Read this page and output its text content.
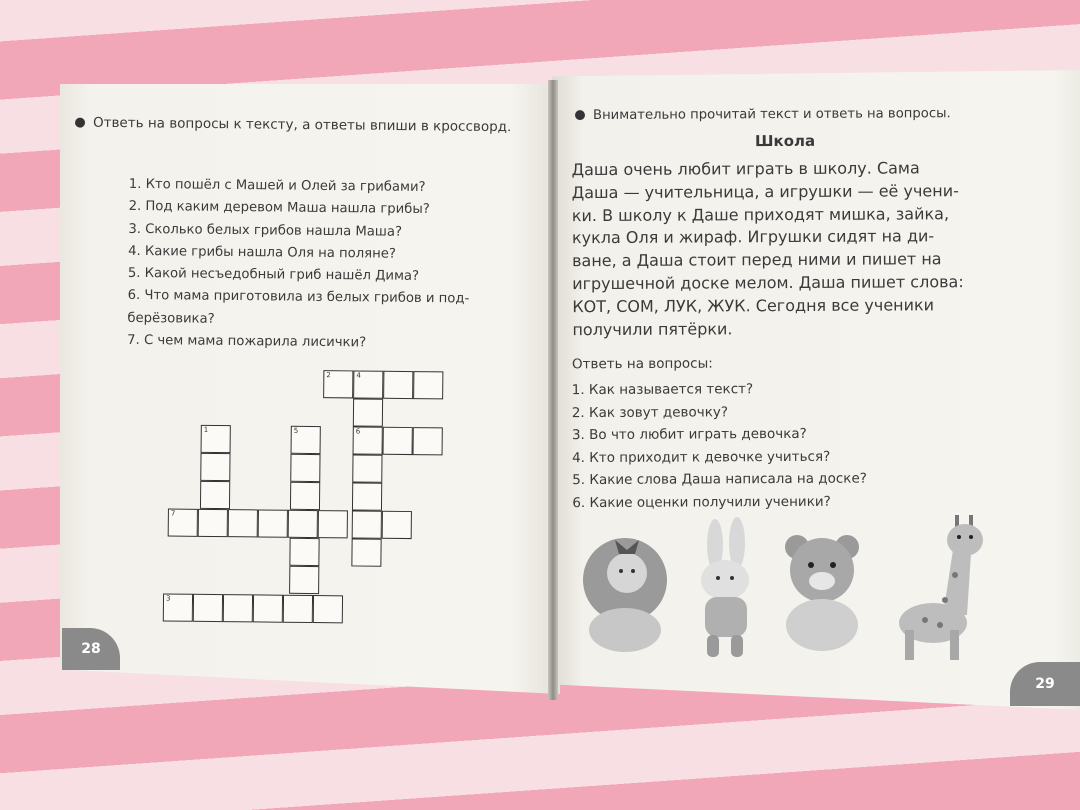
Ответь на вопросы к тексту, а ответы впиши в кроссворд.
1. Кто пошёл с Машей и Олей за грибами?
2. Под каким деревом Маша нашла грибы?
3. Сколько белых грибов нашла Маша?
4. Какие грибы нашла Оля на поляне?
5. Какой несъедобный гриб нашёл Дима?
6. Что мама приготовила из белых грибов и под-
берёзовика?
7. С чем мама пожарила лисички?
2	4
6
1	5
7
3
28
Внимательно прочитай текст и ответь на вопросы.
Школа
Даша очень любит играть в школу. Сама
Даша — учительница, а игрушки — её учени-
ки. В школу к Даше приходят мишка, зайка,
кукла Оля и жираф. Игрушки сидят на ди-
ване, а Даша стоит перед ними и пишет на
игрушечной доске мелом. Даша пишет слова:
КОТ, СОМ, ЛУК, ЖУК. Сегодня все ученики
получили пятёрки.
Ответь на вопросы:
1. Как называется текст?
2. Как зовут девочку?
3. Во что любит играть девочка?
4. Кто приходит к девочке учиться?
5. Какие слова Даша написала на доске?
6. Какие оценки получили ученики?
29
